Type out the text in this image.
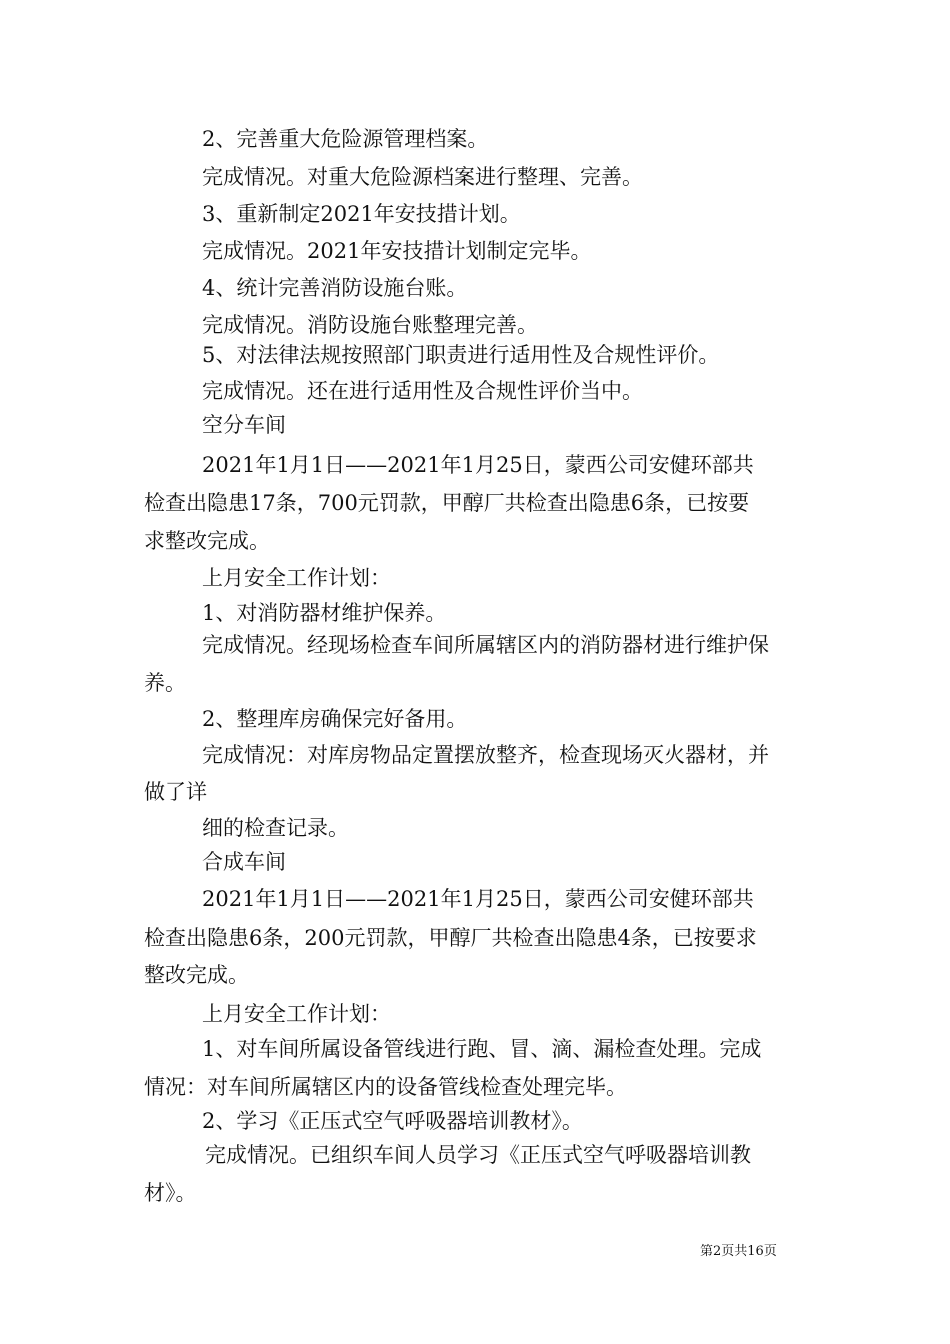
2、完善重大危险源管理档案。
完成情况。对重大危险源档案进行整理、完善。
3、重新制定2021年安技措计划。
完成情况。2021年安技措计划制定完毕。
4、统计完善消防设施台账。
完成情况。消防设施台账整理完善。
5、对法律法规按照部门职责进行适用性及合规性评价。
完成情况。还在进行适用性及合规性评价当中。
空分车间
2021年1月1日——2021年1月25日，蒙西公司安健环部共
检查出隐患17条，700元罚款，甲醇厂共检查出隐患6条，已按要
求整改完成。
上月安全工作计划：
1、对消防器材维护保养。
完成情况。经现场检查车间所属辖区内的消防器材进行维护保
养。
2、整理库房确保完好备用。
完成情况：对库房物品定置摆放整齐，检查现场灭火器材，并
做了详
细的检查记录。
合成车间
2021年1月1日——2021年1月25日，蒙西公司安健环部共
检查出隐患6条，200元罚款，甲醇厂共检查出隐患4条，已按要求
整改完成。
上月安全工作计划：
1、对车间所属设备管线进行跑、冒、滴、漏检查处理。完成
情况：对车间所属辖区内的设备管线检查处理完毕。
2、学习《正压式空气呼吸器培训教材》。
完成情况。已组织车间人员学习《正压式空气呼吸器培训教
材》。
第2页共16页
